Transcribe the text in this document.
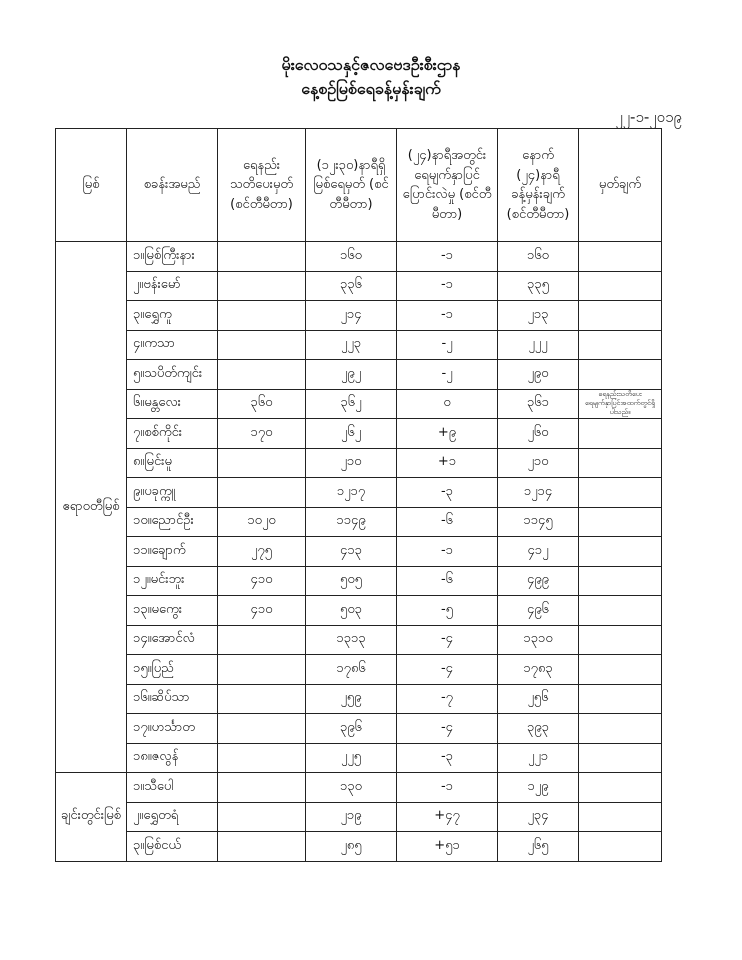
မိုးလေဝသနှင့်ဇလဗေဒဦးစီးဌာန
နေ့စဉ်မြစ်ရေခန့်မှန်းချက်
၂၂-၁-၂၀၁၉
မြစ်	စခန်းအမည်	ရေနည်း သတိပေးမှတ် (စင်တီမီတာ)	(၁၂း၃၀)နာရီရှိ မြစ်ရေမှတ် (စင်တီမီတာ)	(၂၄)နာရီအတွင်း ရေမျက်နှာပြင် ပြောင်းလဲမှု (စင်တီမီတာ)	နောက် (၂၄)နာရီ ခန့်မှန်းချက် (စင်တီမီတာ)	မှတ်ချက်
ဧရာဝတီမြစ်	၁။မြစ်ကြီးနား		၁၆၀	-၁	၁၆၀	
	၂။ဗန်းမော်		၃၃၆	-၁	၃၃၅	
	၃။ရွှေကူ		၂၁၄	-၁	၂၁၃	
	၄။ကသာ		၂၂၃	-၂	၂၂၂	
	၅။သပိတ်ကျင်း		၂၉၂	-၂	၂၉၀	
	၆။မန္တလေး	၃၆၀	၃၆၂	၀	၃၆၁	ရေနည်းသတိပေးရေမျက်နှာပြင်အထက်တွင်ရှိပါသည်။
	၇။စစ်ကိုင်း	၁၇၀	၂၆၂	+၉	၂၆၀	
	၈။မြင်းမူ		၂၁၀	+၁	၂၁၀	
	၉။ပခုက္ကူ		၁၂၁၇	-၃	၁၂၁၄	
	၁၀။ညောင်ဦး	၁၀၂၀	၁၁၄၉	-၆	၁၁၄၅	
	၁၁။ချောက်	၂၇၅	၄၁၃	-၁	၄၁၂	
	၁၂။မင်းဘူး	၄၁၀	၅၀၅	-၆	၄၉၉	
	၁၃။မကွေး	၄၁၀	၅၀၃	-၅	၄၉၆	
	၁၄။အောင်လံ		၁၃၁၃	-၄	၁၃၁၀	
	၁၅။ပြည်		၁၇၈၆	-၄	၁၇၈၃	
	၁၆။ဆိပ်သာ		၂၅၉	-၇	၂၅၆	
	၁၇။ဟင်္သာတ		၃၉၆	-၄	၃၉၃	
	၁၈။ဇလွန်		၂၂၅	-၃	၂၂၁	
ချင်းတွင်းမြစ်	၁။သီပေါ		၁၃၀	-၁	၁၂၉	
	၂။ရွှေတရံ		၂၁၉	+၄၇	၂၃၄	
	၃။မြစ်ငယ်		၂၈၅	+၅၁	၂၆၅	
